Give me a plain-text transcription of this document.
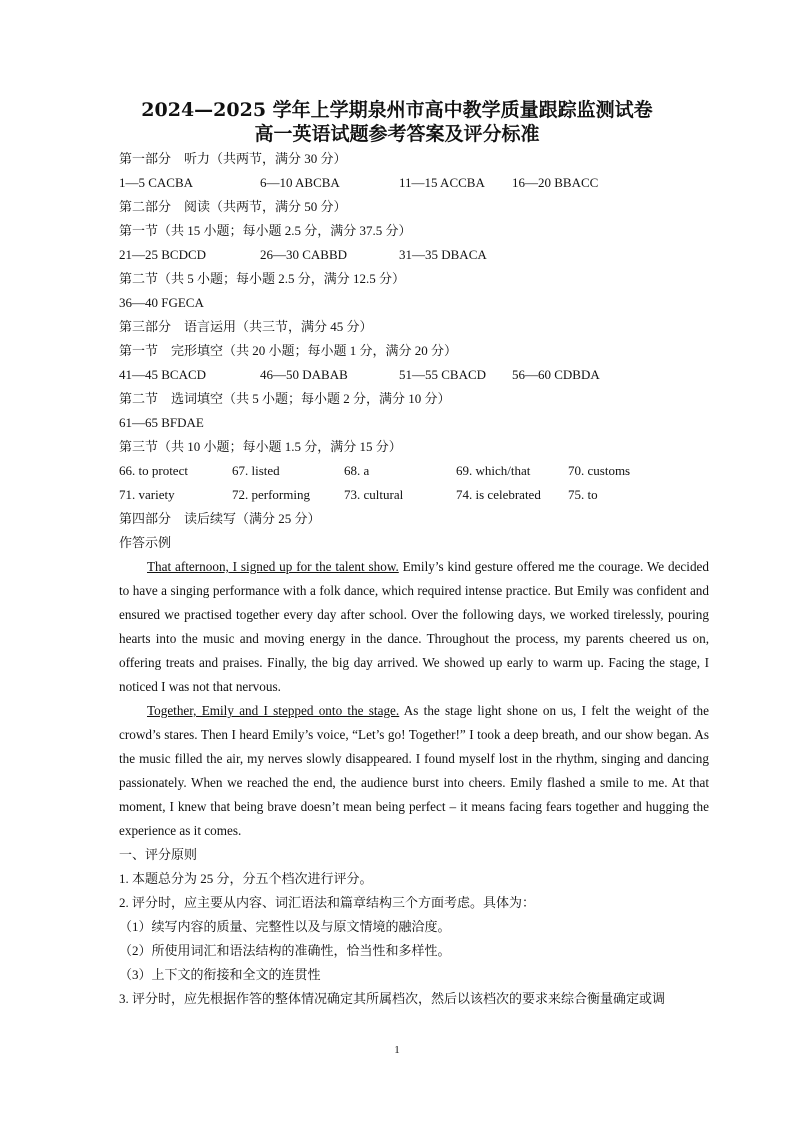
2024—2025 学年上学期泉州市高中教学质量跟踪监测试卷
高一英语试题参考答案及评分标准
第一部分　听力（共两节，满分 30 分）
1—5 CACBA	6—10 ABCBA	11—15 ACCBA 16—20 BBACC
第二部分　阅读（共两节，满分 50 分）
第一节（共 15 小题；每小题 2.5 分，满分 37.5 分）
21—25 BCDCD	26—30 CABBD	31—35 DBACA
第二节（共 5 小题；每小题 2.5 分，满分 12.5 分）
36—40 FGECA
第三部分　语言运用（共三节，满分 45 分）
第一节　完形填空（共 20 小题；每小题 1 分，满分 20 分）
41—45 BCACD	46—50 DABAB	51—55 CBACD 56—60 CDBDA
第二节　选词填空（共 5 小题；每小题 2 分，满分 10 分）
61—65 BFDAE
第三节（共 10 小题；每小题 1.5 分，满分 15 分）
66. to protect	67. listed	68. a	69. which/that	70. customs
71. variety	72. performing	73. cultural	74. is celebrated 75. to
第四部分　读后续写（满分 25 分）
作答示例

That afternoon, I signed up for the talent show. Emily’s kind gesture offered me the courage. We decided to have a singing performance with a folk dance, which required intense practice. But Emily was confident and ensured we practised together every day after school. Over the following days, we worked tirelessly, pouring hearts into the music and moving energy in the dance. Throughout the process, my parents cheered us on, offering treats and praises. Finally, the big day arrived. We showed up early to warm up. Facing the stage, I noticed I was not that nervous.

Together, Emily and I stepped onto the stage. As the stage light shone on us, I felt the weight of the crowd’s stares. Then I heard Emily’s voice, “Let’s go! Together!” I took a deep breath, and our show began. As the music filled the air, my nerves slowly disappeared. I found myself lost in the rhythm, singing and dancing passionately. When we reached the end, the audience burst into cheers. Emily flashed a smile to me. At that moment, I knew that being brave doesn’t mean being perfect – it means facing fears together and hugging the experience as it comes.

一、评分原则
1. 本题总分为 25 分，分五个档次进行评分。
2. 评分时，应主要从内容、词汇语法和篇章结构三个方面考虑。具体为：
（1）续写内容的质量、完整性以及与原文情境的融洽度。
（2）所使用词汇和语法结构的准确性，恰当性和多样性。
（3）上下文的衔接和全文的连贯性
3. 评分时，应先根据作答的整体情况确定其所属档次，然后以该档次的要求来综合衡量确定或调
1
